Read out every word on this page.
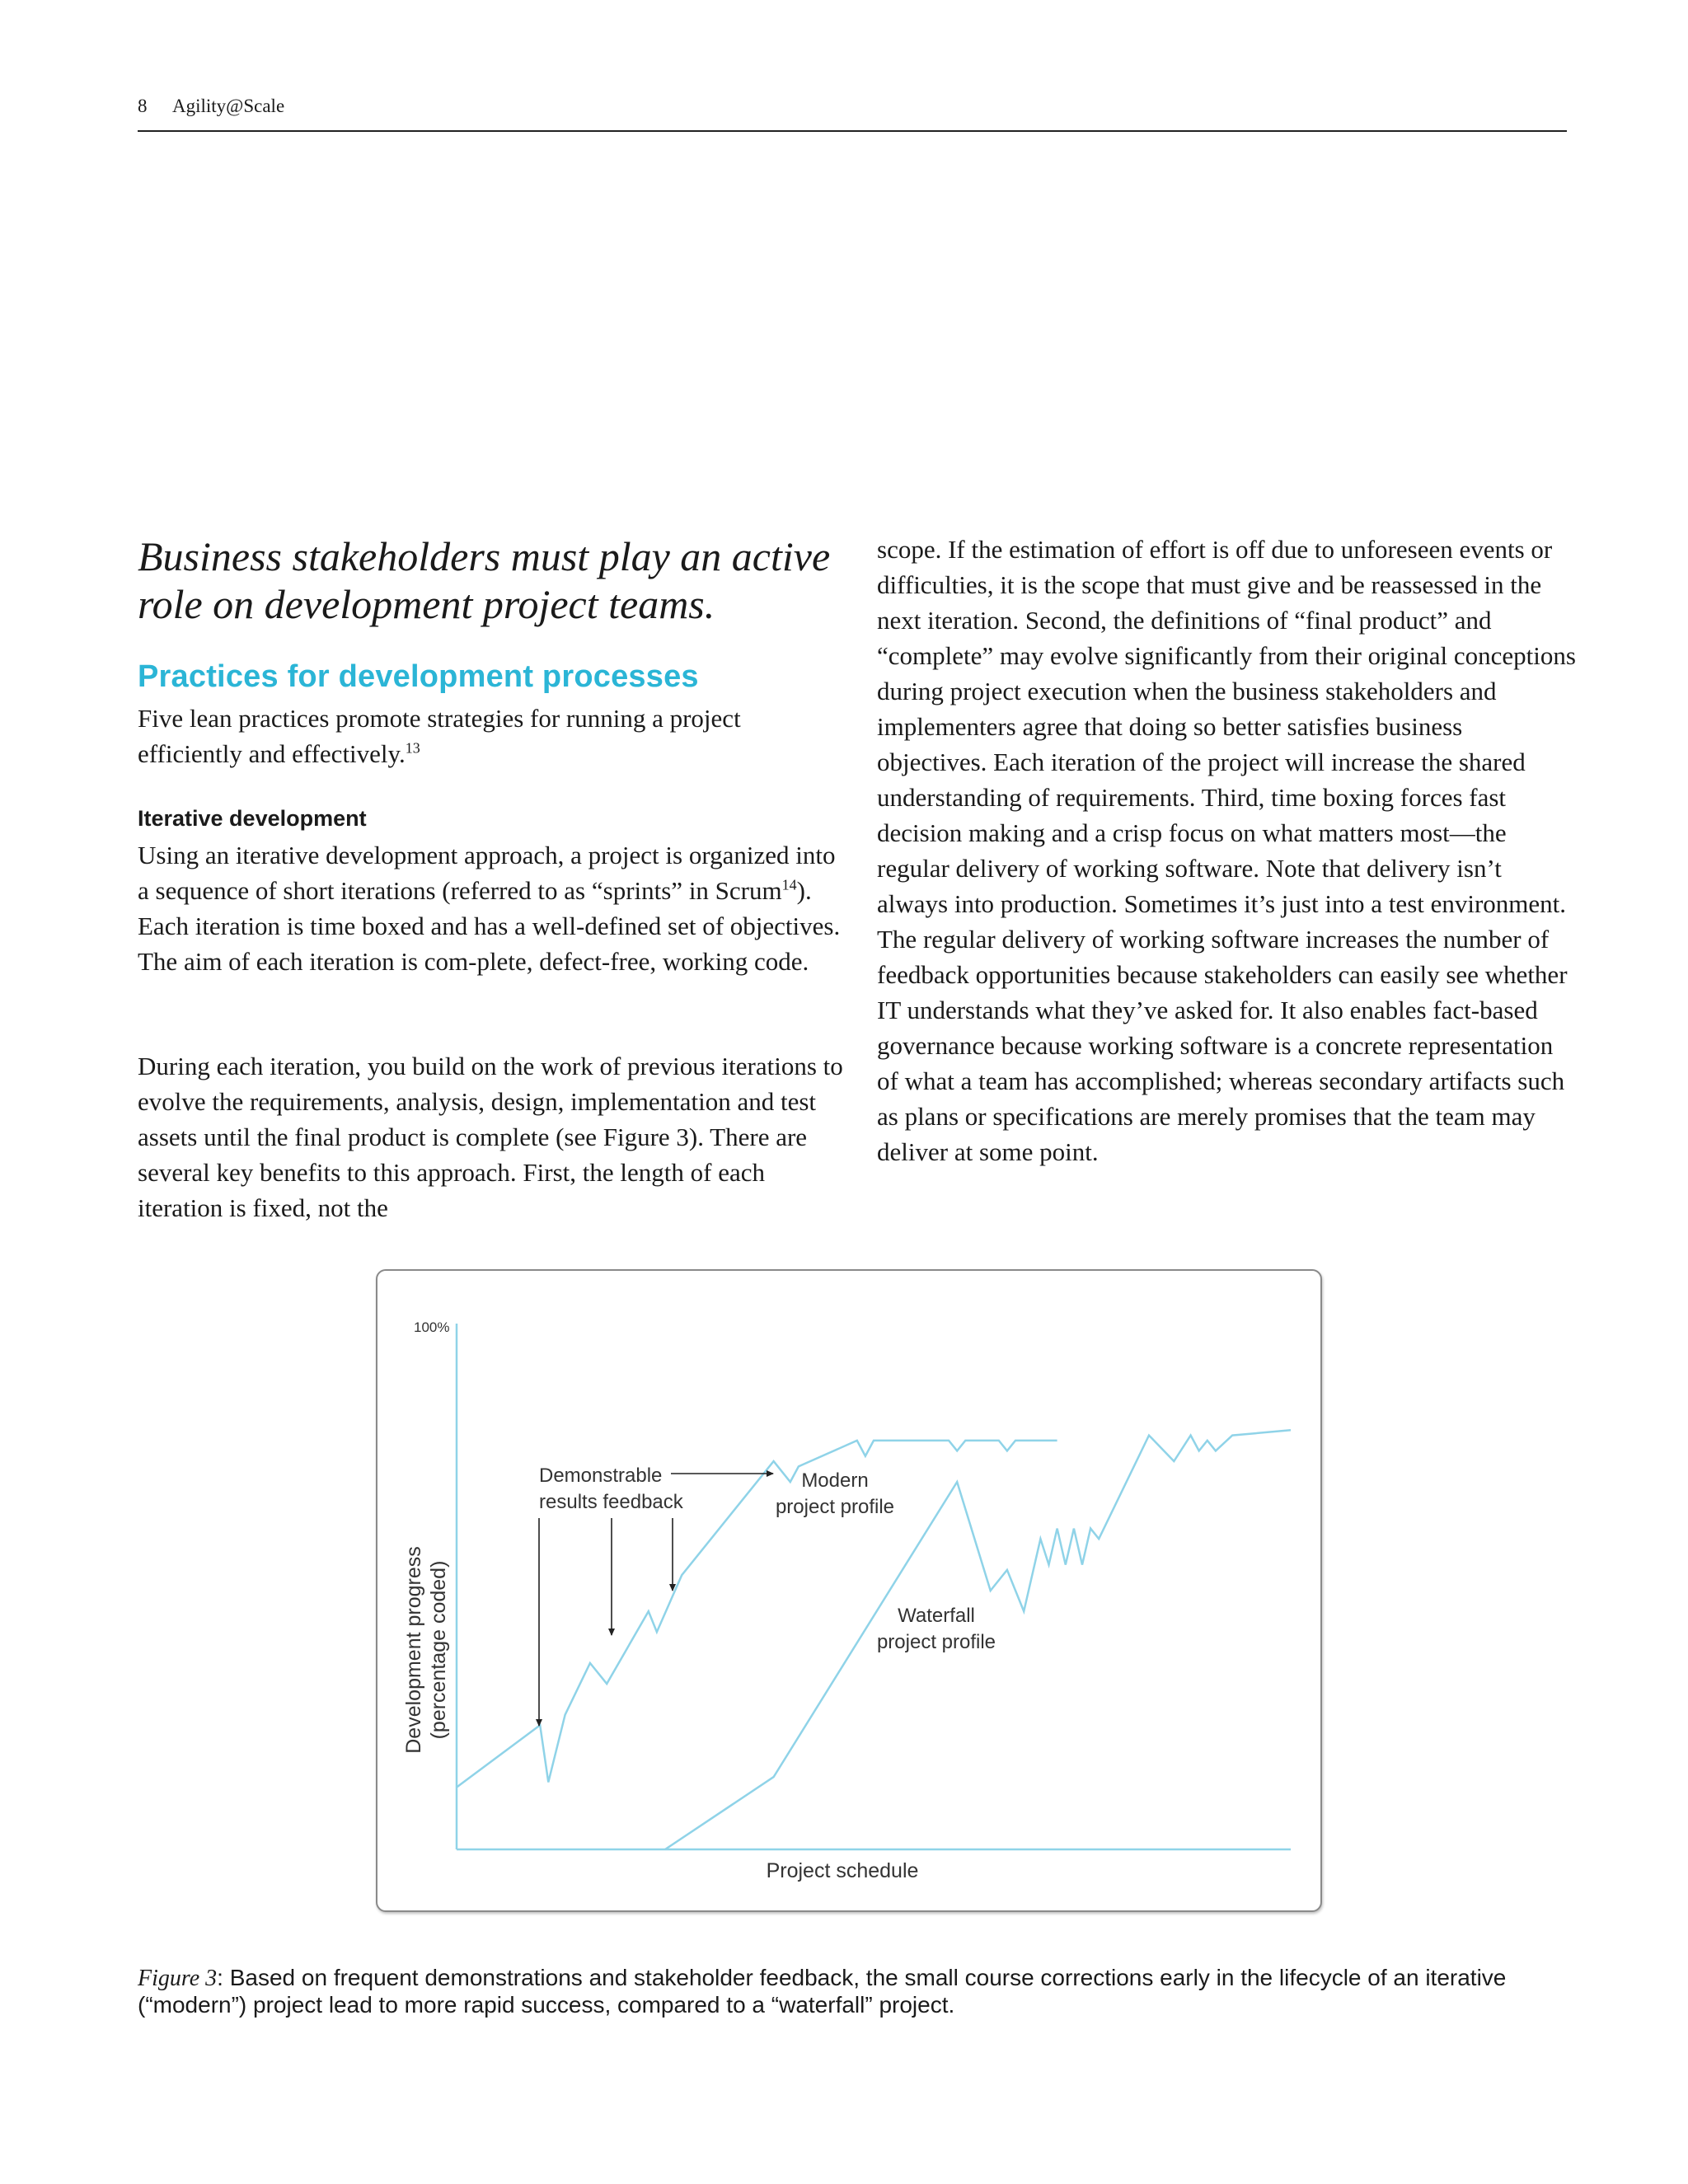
8 Agility@Scale
Business stakeholders must play an active role on development project teams.
Practices for development processes

Five lean practices promote strategies for running a project efficiently and effectively.$^{13}$

Iterative development

Using an iterative development approach, a project is organized into a sequence of short iterations (referred to as “sprints” in Scrum$^{14}$). Each iteration is time boxed and has a well-defined set of objectives. The aim of each iteration is com-plete, defect-free, working code.

During each iteration, you build on the work of previous iterations to evolve the requirements, analysis, design, implementation and test assets until the final product is complete (see Figure 3). There are several key benefits to this approach. First, the length of each iteration is fixed, not the

scope. If the estimation of effort is off due to unforeseen events or difficulties, it is the scope that must give and be reassessed in the next iteration. Second, the definitions of “final product” and “complete” may evolve significantly from their original conceptions during project execution when the business stakeholders and implementers agree that doing so better satisfies business objectives. Each iteration of the project will increase the shared understanding of requirements. Third, time boxing forces fast decision making and a crisp focus on what matters most—the regular delivery of working software. Note that delivery isn’t always into production. Sometimes it’s just into a test environment. The regular delivery of working software increases the number of feedback opportunities because stakeholders can easily see whether IT understands what they’ve asked for. It also enables fact-based governance because working software is a concrete representation of what a team has accomplished; whereas secondary artifacts such as plans or specifications are merely promises that the team may deliver at some point.

100%
Development progress (percentage coded)
Project schedule
Demonstrable
results feedback
Modern
project profile
Waterfall
project profile

Figure 3: Based on frequent demonstrations and stakeholder feedback, the small course corrections early in the lifecycle of an iterative (“modern”) project lead to more rapid success, compared to a “waterfall” project.
